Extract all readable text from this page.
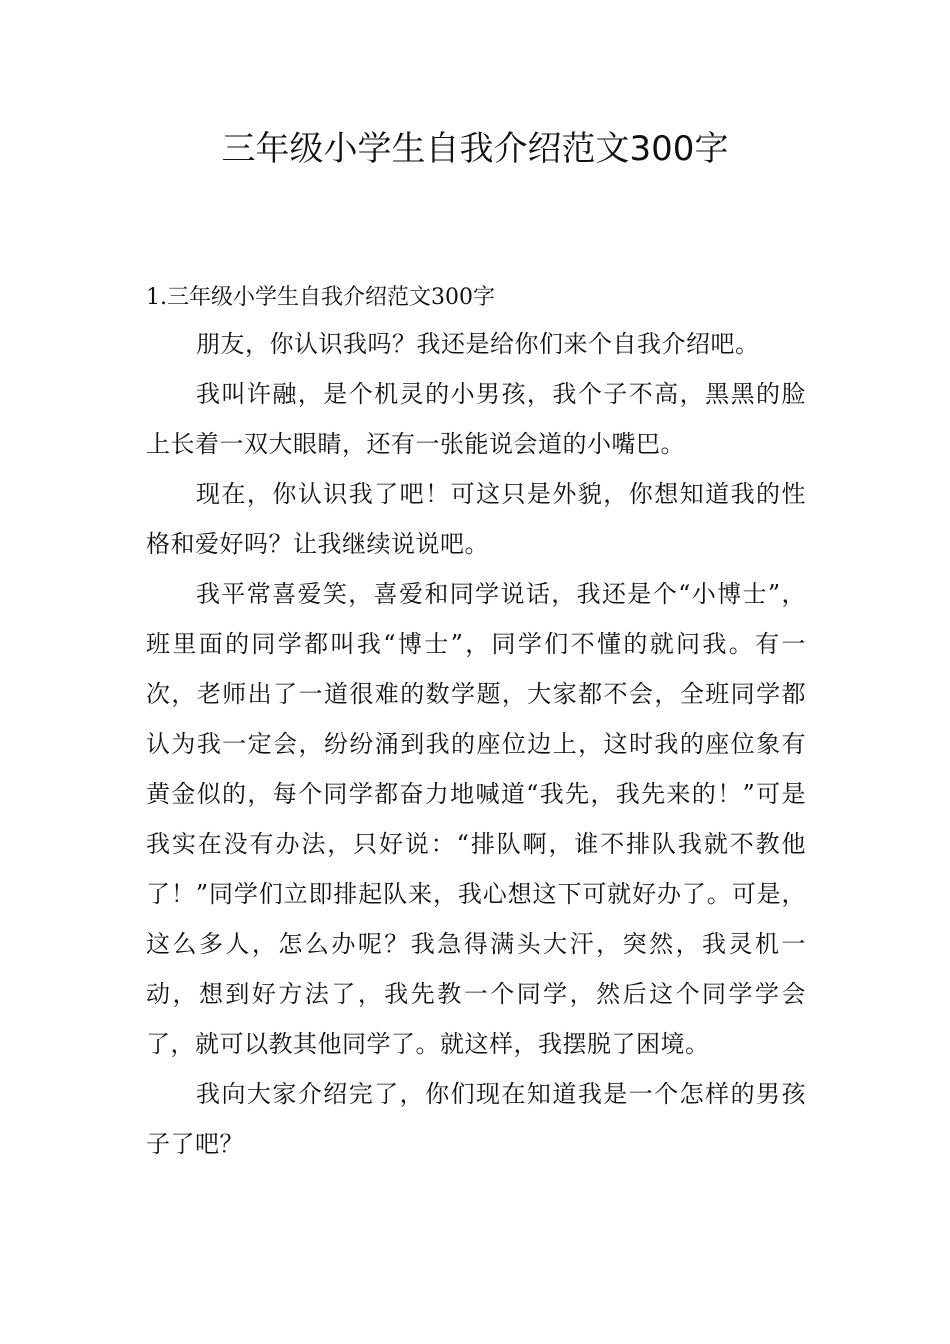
三年级小学生自我介绍范文300字

1.三年级小学生自我介绍范文300字

朋友，你认识我吗？我还是给你们来个自我介绍吧。

我叫许融，是个机灵的小男孩，我个子不高，黑黑的脸上长着一双大眼睛，还有一张能说会道的小嘴巴。

现在，你认识我了吧！可这只是外貌，你想知道我的性格和爱好吗？让我继续说说吧。

我平常喜爱笑，喜爱和同学说话，我还是个“小博士”，班里面的同学都叫我“博士”，同学们不懂的就问我。有一次，老师出了一道很难的数学题，大家都不会，全班同学都认为我一定会，纷纷涌到我的座位边上，这时我的座位象有黄金似的，每个同学都奋力地喊道“我先，我先来的！”可是我实在没有办法，只好说：“排队啊，谁不排队我就不教他了！”同学们立即排起队来，我心想这下可就好办了。可是，这么多人，怎么办呢？我急得满头大汗，突然，我灵机一动，想到好方法了，我先教一个同学，然后这个同学学会了，就可以教其他同学了。就这样，我摆脱了困境。

我向大家介绍完了，你们现在知道我是一个怎样的男孩子了吧？
